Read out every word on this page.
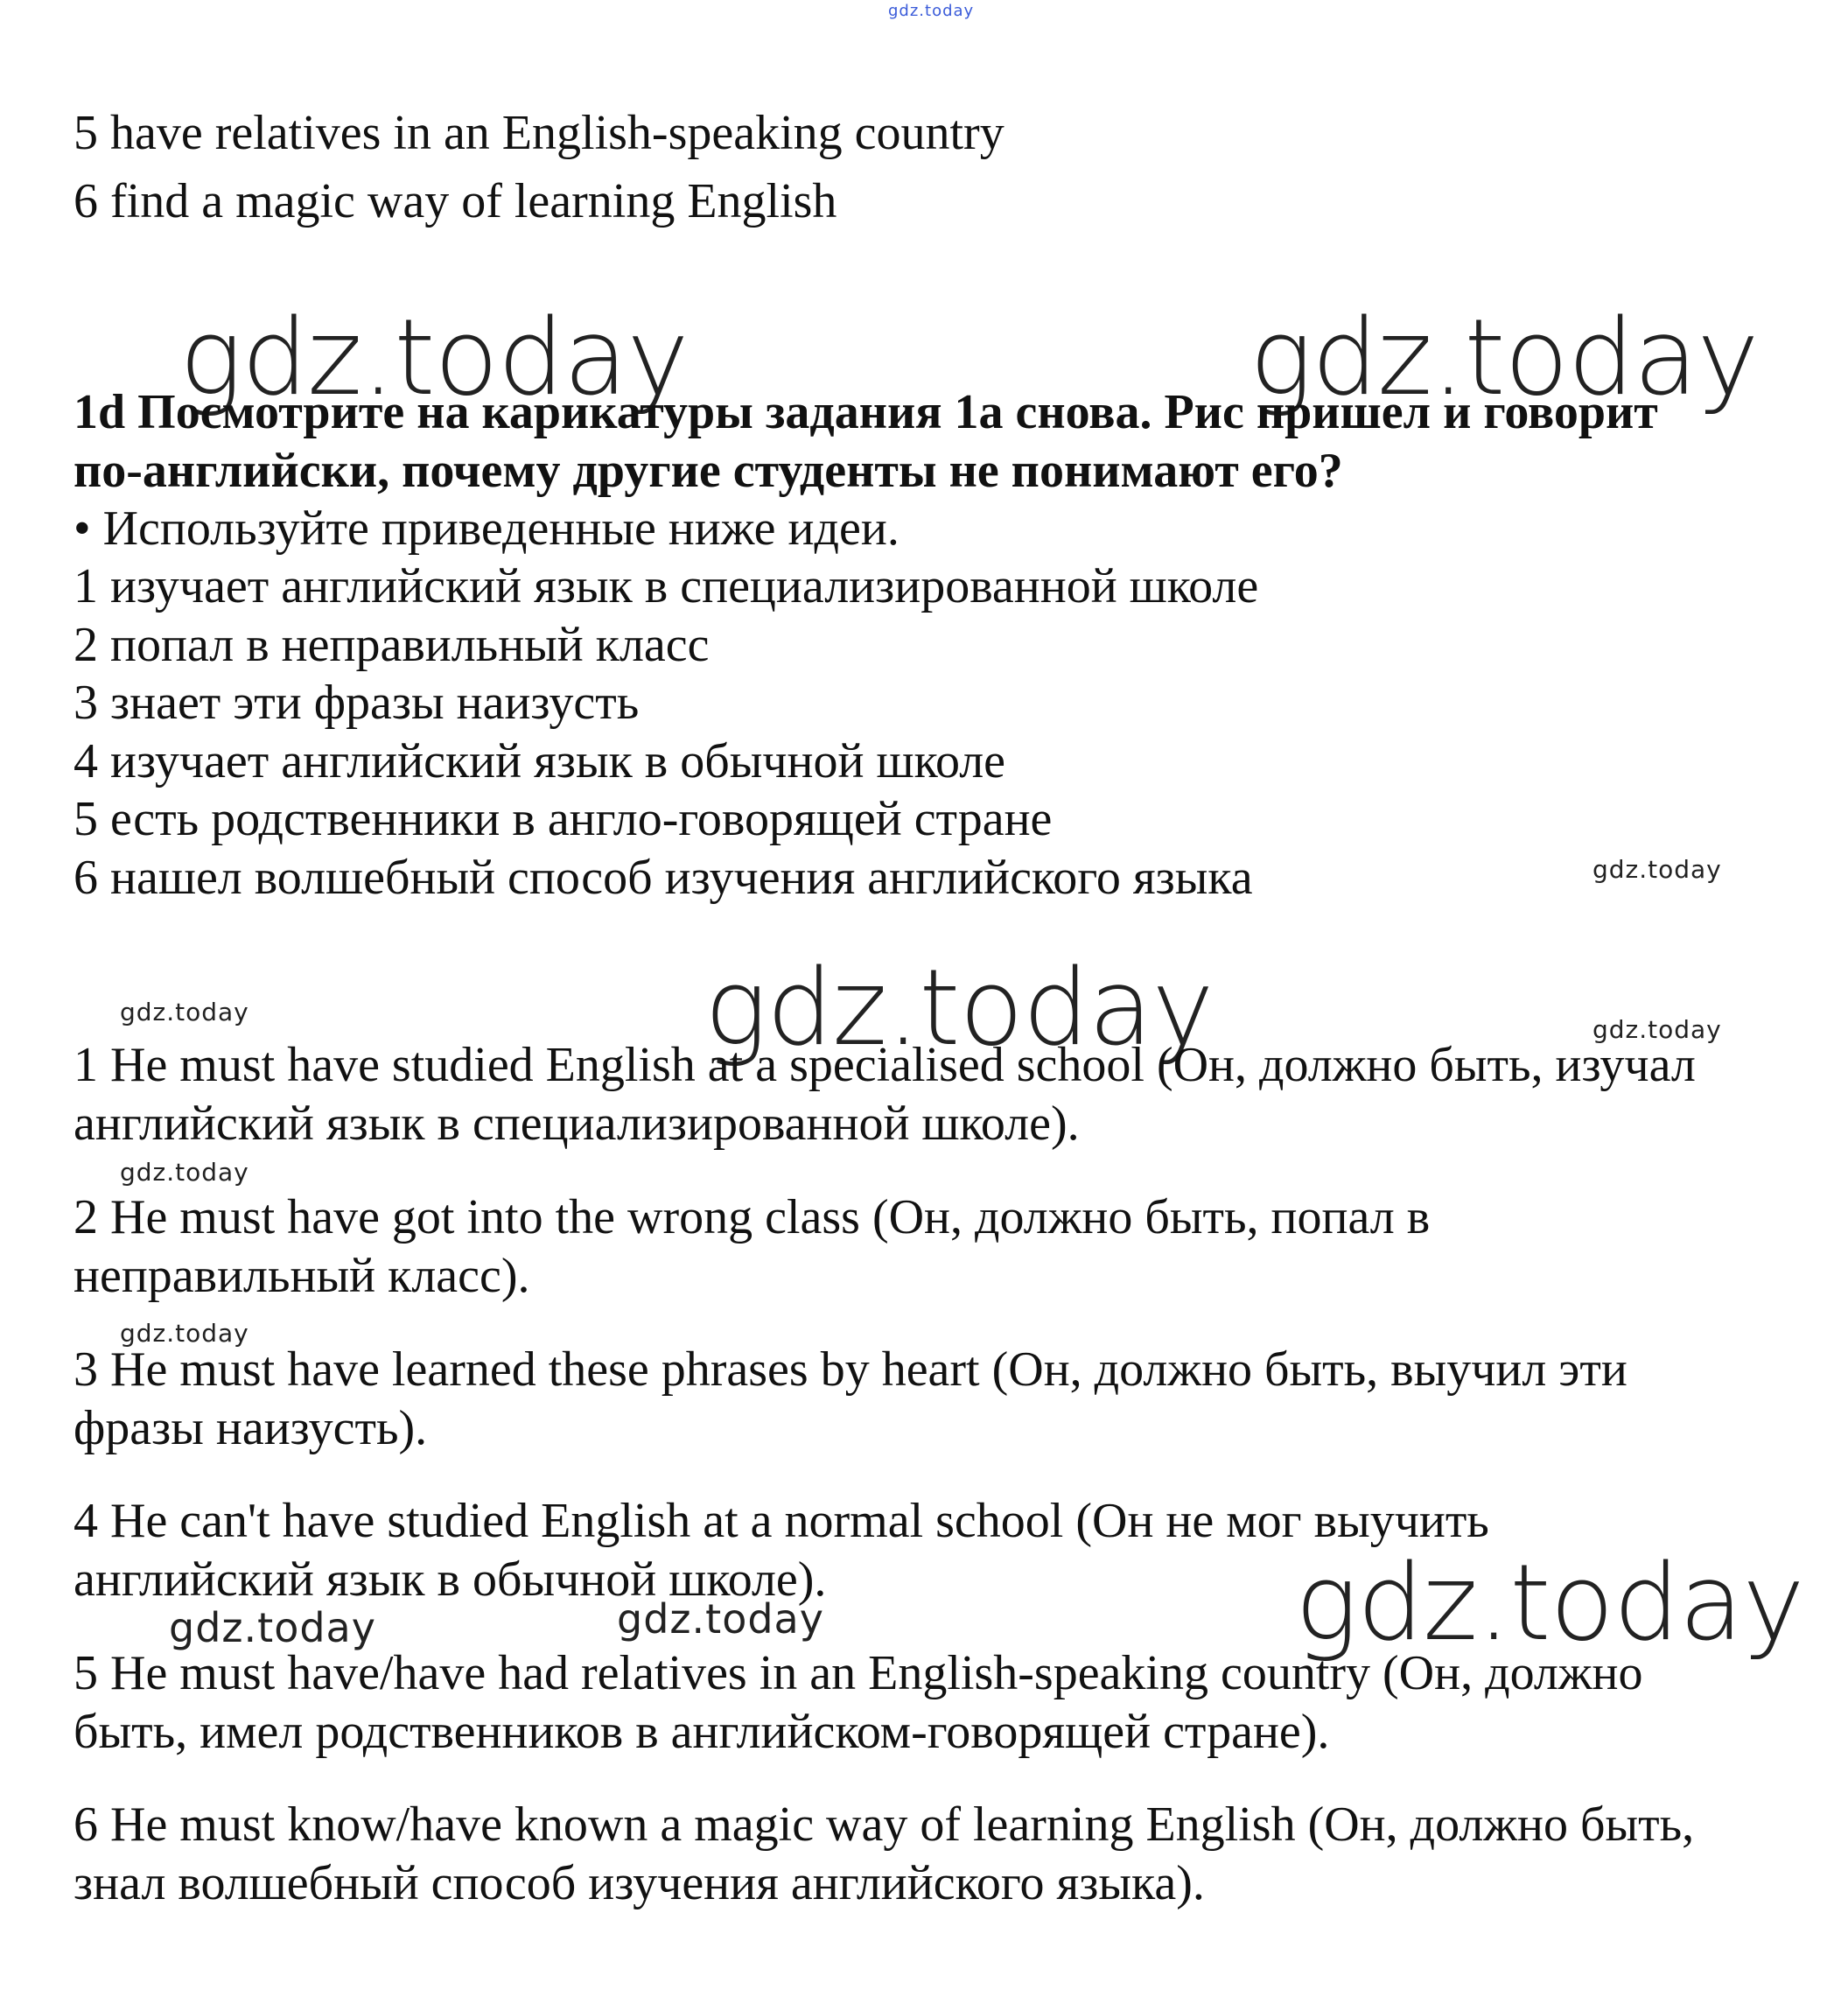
gdz.today
5 have relatives in an English-speaking country
6 find a magic way of learning English
gdz.today	gdz.today
1d Посмотрите на карикатуры задания 1a снова. Рис пришел и говорит
по-английски, почему другие студенты не понимают его?
• Используйте приведенные ниже идеи.
1 изучает английский язык в специализированной школе
2 попал в неправильный класс
3 знает эти фразы наизусть
4 изучает английский язык в обычной школе
5 есть родственники в англо-говорящей стране
6 нашел волшебный способ изучения английского языка	gdz.today
gdz.today
gdz.today
gdz.today
1 He must have studied English at a specialised school (Он, должно быть, изучал
английский язык в специализированной школе).
gdz.today
2 He must have got into the wrong class (Он, должно быть, попал в
неправильный класс).
gdz.today
3 He must have learned these phrases by heart (Он, должно быть, выучил эти
фразы наизусть).
4 He can't have studied English at a normal school (Он не мог выучить
английский язык в обычной школе).	gdz.today
gdz.today	gdz.today
5 He must have/have had relatives in an English-speaking country (Он, должно
быть, имел родственников в английском-говорящей стране).
6 He must know/have known a magic way of learning English (Он, должно быть,
знал волшебный способ изучения английского языка).
